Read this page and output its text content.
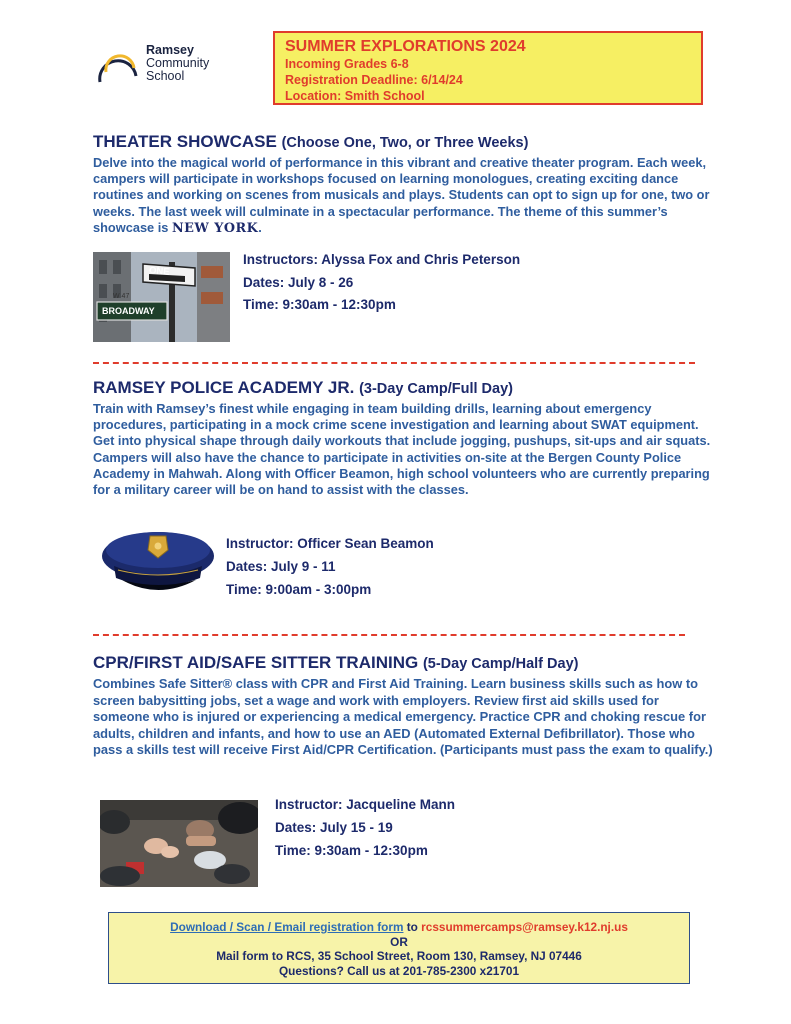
Ramsey
Community
School
SUMMER EXPLORATIONS 2024
Incoming Grades 6-8
Registration Deadline: 6/14/24
Location: Smith School
THEATER SHOWCASE (Choose One, Two, or Three Weeks)
Delve into the magical world of performance in this vibrant and creative theater program. Each week, campers will participate in workshops focused on learning monologues, creating exciting dance routines and working on scenes from musicals and plays. Students can opt to sign up for one, two or weeks. The last week will culminate in a spectacular performance. The theme of this summer’s showcase is NEW YORK.
W 47
ONE
BROADWAY
Instructors: Alyssa Fox and Chris Peterson
Dates: July 8 - 26
Time: 9:30am - 12:30pm
RAMSEY POLICE ACADEMY JR. (3-Day Camp/Full Day)
Train with Ramsey’s finest while engaging in team building drills, learning about emergency procedures, participating in a mock crime scene investigation and learning about SWAT equipment. Get into physical shape through daily workouts that include jogging, pushups, sit-ups and air squats. Campers will also have the chance to participate in activities on-site at the Bergen County Police Academy in Mahwah. Along with Officer Beamon, high school volunteers who are currently preparing for a military career will be on hand to assist with the classes.
Instructor: Officer Sean Beamon
Dates: July 9 - 11
Time: 9:00am - 3:00pm
CPR/FIRST AID/SAFE SITTER TRAINING (5-Day Camp/Half Day)
Combines Safe Sitter® class with CPR and First Aid Training. Learn business skills such as how to screen babysitting jobs, set a wage and work with employers. Review first aid skills used for someone who is injured or experiencing a medical emergency. Practice CPR and choking rescue for adults, children and infants, and how to use an AED (Automated External Defibrillator). Those who pass a skills test will receive First Aid/CPR Certification. (Participants must pass the exam to qualify.)
Instructor: Jacqueline Mann
Dates: July 15 - 19
Time: 9:30am - 12:30pm
Download / Scan / Email registration form to rcssummercamps@ramsey.k12.nj.us
OR
Mail form to RCS, 35 School Street, Room 130, Ramsey, NJ 07446
Questions? Call us at 201-785-2300 x21701
